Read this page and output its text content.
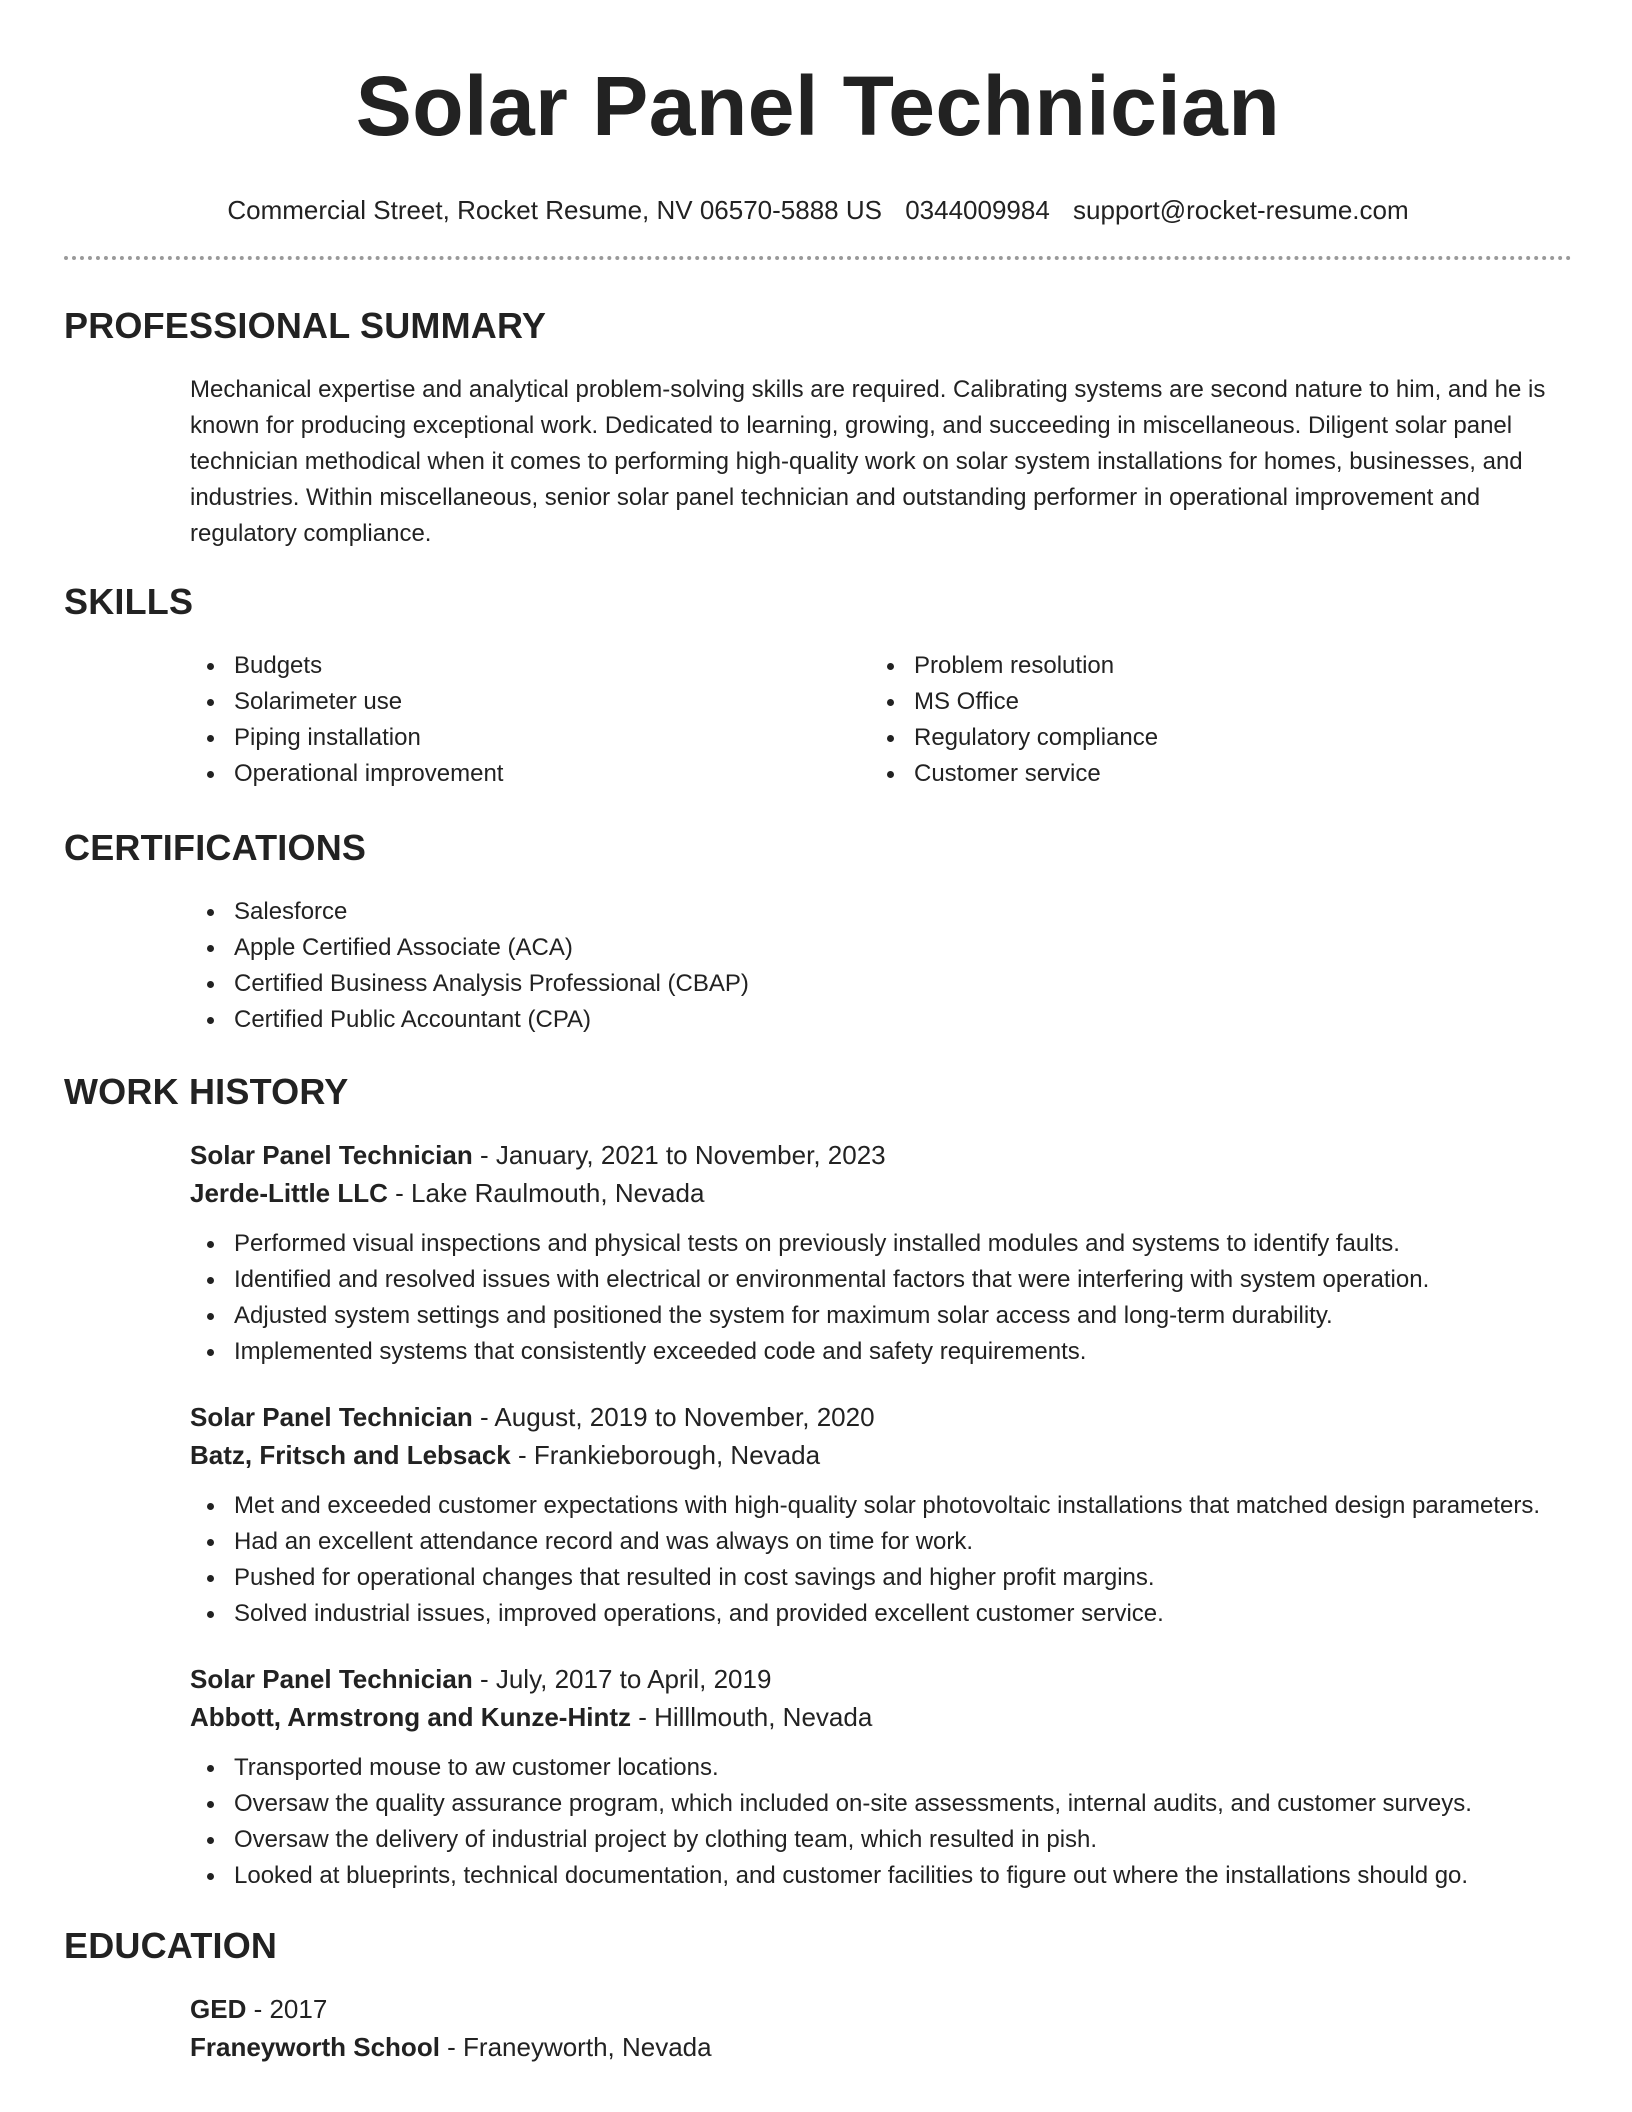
Solar Panel Technician
Commercial Street, Rocket Resume, NV 06570-5888 US 0344009984 support@rocket-resume.com
PROFESSIONAL SUMMARY

Mechanical expertise and analytical problem-solving skills are required. Calibrating systems are second nature to him, and he is known for producing exceptional work. Dedicated to learning, growing, and succeeding in miscellaneous. Diligent solar panel technician methodical when it comes to performing high-quality work on solar system installations for homes, businesses, and industries. Within miscellaneous, senior solar panel technician and outstanding performer in operational improvement and regulatory compliance.

SKILLS
Budgets
Solarimeter use
Piping installation
Operational improvement
Problem resolution
MS Office
Regulatory compliance
Customer service
CERTIFICATIONS
Salesforce
Apple Certified Associate (ACA)
Certified Business Analysis Professional (CBAP)
Certified Public Accountant (CPA)
WORK HISTORY
Solar Panel Technician - January, 2021 to November, 2023
Jerde-Little LLC - Lake Raulmouth, Nevada
Performed visual inspections and physical tests on previously installed modules and systems to identify faults.
Identified and resolved issues with electrical or environmental factors that were interfering with system operation.
Adjusted system settings and positioned the system for maximum solar access and long-term durability.
Implemented systems that consistently exceeded code and safety requirements.
Solar Panel Technician - August, 2019 to November, 2020
Batz, Fritsch and Lebsack - Frankieborough, Nevada
Met and exceeded customer expectations with high-quality solar photovoltaic installations that matched design parameters.
Had an excellent attendance record and was always on time for work.
Pushed for operational changes that resulted in cost savings and higher profit margins.
Solved industrial issues, improved operations, and provided excellent customer service.
Solar Panel Technician - July, 2017 to April, 2019
Abbott, Armstrong and Kunze-Hintz - Hilllmouth, Nevada
Transported mouse to aw customer locations.
Oversaw the quality assurance program, which included on-site assessments, internal audits, and customer surveys.
Oversaw the delivery of industrial project by clothing team, which resulted in pish.
Looked at blueprints, technical documentation, and customer facilities to figure out where the installations should go.
EDUCATION
GED - 2017
Franeyworth School - Franeyworth, Nevada
